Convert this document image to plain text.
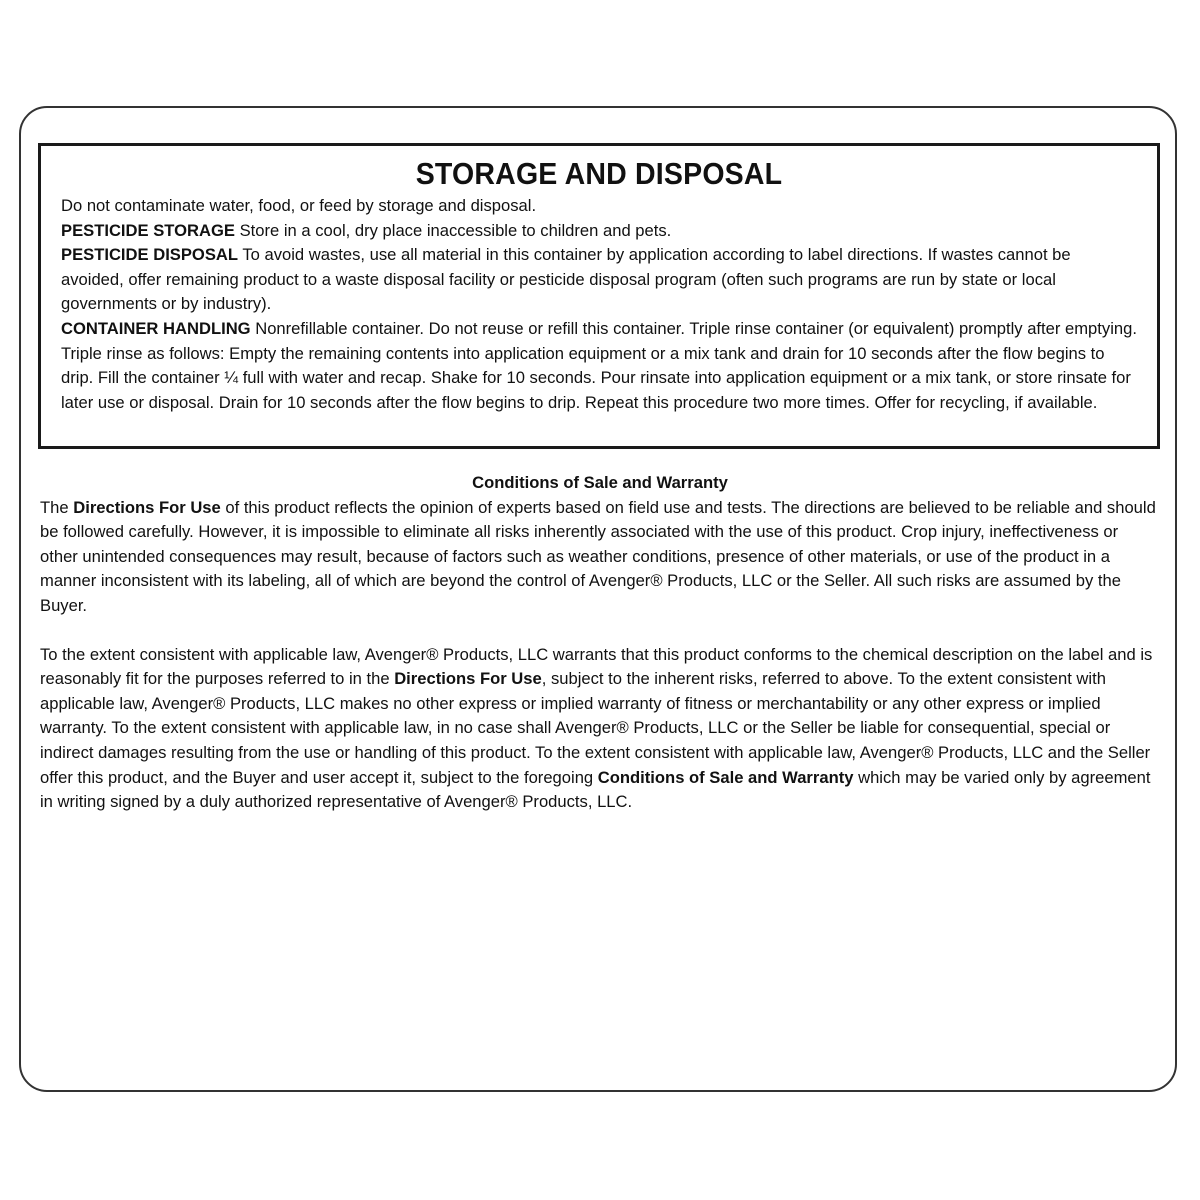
STORAGE AND DISPOSAL

Do not contaminate water, food, or feed by storage and disposal.

PESTICIDE STORAGE Store in a cool, dry place inaccessible to children and pets.

PESTICIDE DISPOSAL To avoid wastes, use all material in this container by application according to label directions. If wastes cannot be avoided, offer remaining product to a waste disposal facility or pesticide disposal program (often such programs are run by state or local governments or by industry).

CONTAINER HANDLING Nonrefillable container. Do not reuse or refill this container. Triple rinse container (or equivalent) promptly after emptying. Triple rinse as follows: Empty the remaining contents into application equipment or a mix tank and drain for 10 seconds after the flow begins to drip. Fill the container ¼ full with water and recap. Shake for 10 seconds. Pour rinsate into application equipment or a mix tank, or store rinsate for later use or disposal. Drain for 10 seconds after the flow begins to drip. Repeat this procedure two more times. Offer for recycling, if available.

Conditions of Sale and Warranty

The Directions For Use of this product reflects the opinion of experts based on field use and tests. The directions are believed to be reliable and should be followed carefully. However, it is impossible to eliminate all risks inherently associated with the use of this product. Crop injury, ineffectiveness or other unintended consequences may result, because of factors such as weather conditions, presence of other materials, or use of the product in a manner inconsistent with its labeling, all of which are beyond the control of Avenger® Products, LLC or the Seller. All such risks are assumed by the Buyer.

To the extent consistent with applicable law, Avenger® Products, LLC warrants that this product conforms to the chemical description on the label and is reasonably fit for the purposes referred to in the Directions For Use, subject to the inherent risks, referred to above. To the extent consistent with applicable law, Avenger® Products, LLC makes no other express or implied warranty of fitness or merchantability or any other express or implied warranty. To the extent consistent with applicable law, in no case shall Avenger® Products, LLC or the Seller be liable for consequential, special or indirect damages resulting from the use or handling of this product. To the extent consistent with applicable law, Avenger® Products, LLC and the Seller offer this product, and the Buyer and user accept it, subject to the foregoing Conditions of Sale and Warranty which may be varied only by agreement in writing signed by a duly authorized representative of Avenger® Products, LLC.
